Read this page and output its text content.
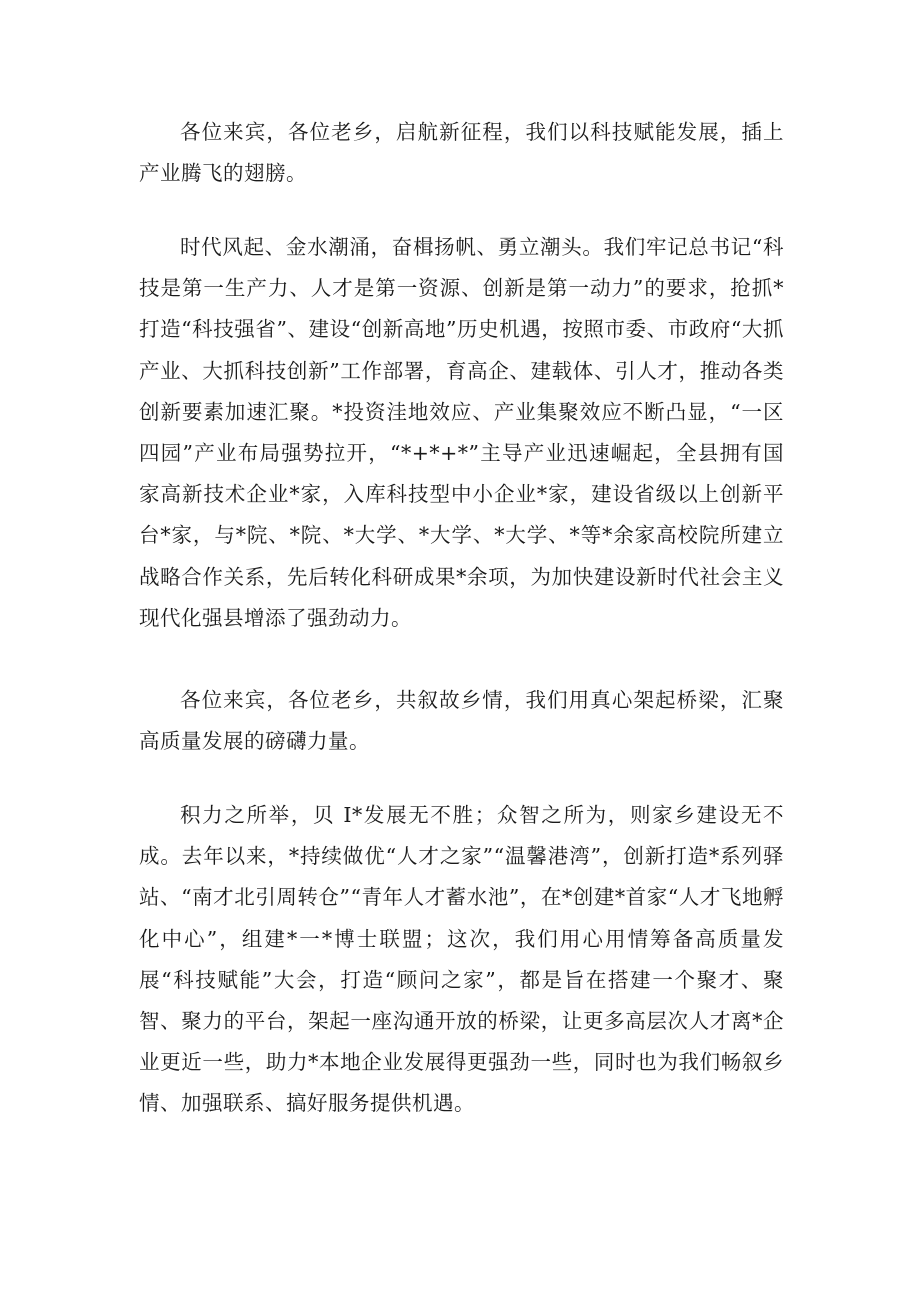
各位来宾，各位老乡，启航新征程，我们以科技赋能发展，插上产业腾飞的翅膀。

时代风起、金水潮涌，奋楫扬帆、勇立潮头。我们牢记总书记“科技是第一生产力、人才是第一资源、创新是第一动力”的要求，抢抓*打造“科技强省”、建设“创新高地”历史机遇，按照市委、市政府“大抓产业、大抓科技创新”工作部署，育高企、建载体、引人才，推动各类创新要素加速汇聚。*投资洼地效应、产业集聚效应不断凸显，“一区四园”产业布局强势拉开，“*+*+*”主导产业迅速崛起，全县拥有国家高新技术企业*家，入库科技型中小企业*家，建设省级以上创新平台*家，与*院、*院、*大学、*大学、*大学、*等*余家高校院所建立战略合作关系，先后转化科研成果*余项，为加快建设新时代社会主义现代化强县增添了强劲动力。

各位来宾，各位老乡，共叙故乡情，我们用真心架起桥梁，汇聚高质量发展的磅礴力量。

积力之所举，贝 I*发展无不胜；众智之所为，则家乡建设无不成。去年以来，*持续做优“人才之家”“温馨港湾”，创新打造*系列驿站、“南才北引周转仓”“青年人才蓄水池”，在*创建*首家“人才飞地孵化中心”，组建*一*博士联盟；这次，我们用心用情筹备高质量发展“科技赋能”大会，打造“顾问之家”，都是旨在搭建一个聚才、聚智、聚力的平台，架起一座沟通开放的桥梁，让更多高层次人才离*企业更近一些，助力*本地企业发展得更强劲一些，同时也为我们畅叙乡情、加强联系、搞好服务提供机遇。
